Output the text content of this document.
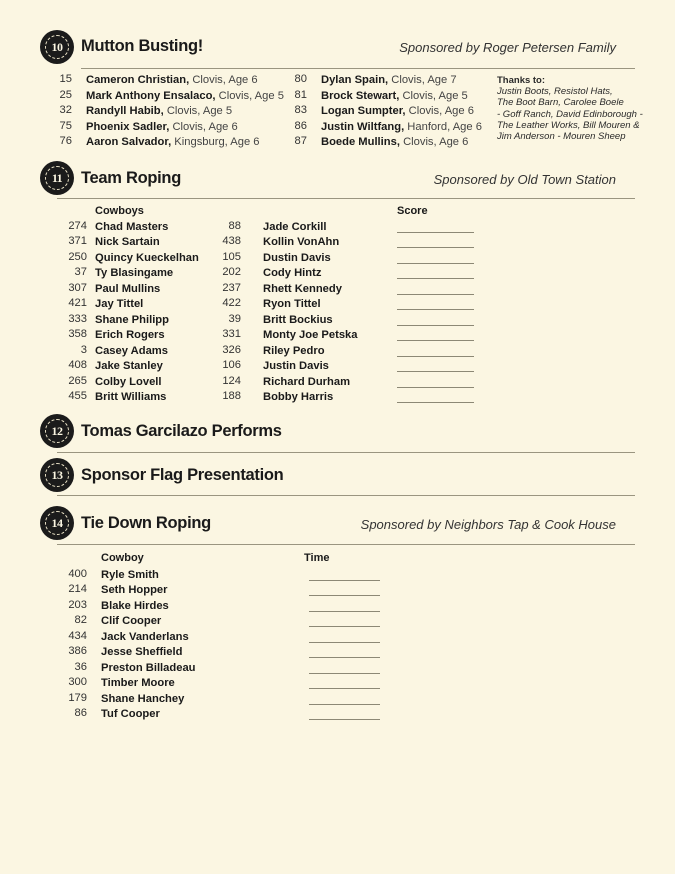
10	Mutton Busting!	Sponsored by Roger Petersen Family
15 Cameron Christian, Clovis, Age 6
25 Mark Anthony Ensalaco, Clovis, Age 5
32 Randyll Habib, Clovis, Age 5
75 Phoenix Sadler, Clovis, Age 6
76 Aaron Salvador, Kingsburg, Age 6
80 Dylan Spain, Clovis, Age 7
81 Brock Stewart, Clovis, Age 5
83 Logan Sumpter, Clovis, Age 6
86 Justin Wiltfang, Hanford, Age 6
87 Boede Mullins, Clovis, Age 6
Thanks to:
Justin Boots, Resistol Hats,
The Boot Barn, Carolee Boele
- Goff Ranch, David Edinborough -
The Leather Works, Bill Mouren &
Jim Anderson - Mouren Sheep
11	Team Roping	Sponsored by Old Town Station
Cowboys	Score
274 Chad Masters	88 Jade Corkill
371 Nick Sartain	438 Kollin VonAhn
250 Quincy Kueckelhan	105 Dustin Davis
37 Ty Blasingame	202 Cody Hintz
307 Paul Mullins	237 Rhett Kennedy
421 Jay Tittel	422 Ryon Tittel
333 Shane Philipp	39 Britt Bockius
358 Erich Rogers	331 Monty Joe Petska
3 Casey Adams	326 Riley Pedro
408 Jake Stanley	106 Justin Davis
265 Colby Lovell	124 Richard Durham
455 Britt Williams	188 Bobby Harris
12	Tomas Garcilazo Performs
13	Sponsor Flag Presentation
14	Tie Down Roping	Sponsored by Neighbors Tap & Cook House
Cowboy	Time
400 Ryle Smith
214 Seth Hopper
203 Blake Hirdes
82 Clif Cooper
434 Jack Vanderlans
386 Jesse Sheffield
36 Preston Billadeau
300 Timber Moore
179 Shane Hanchey
86 Tuf Cooper
